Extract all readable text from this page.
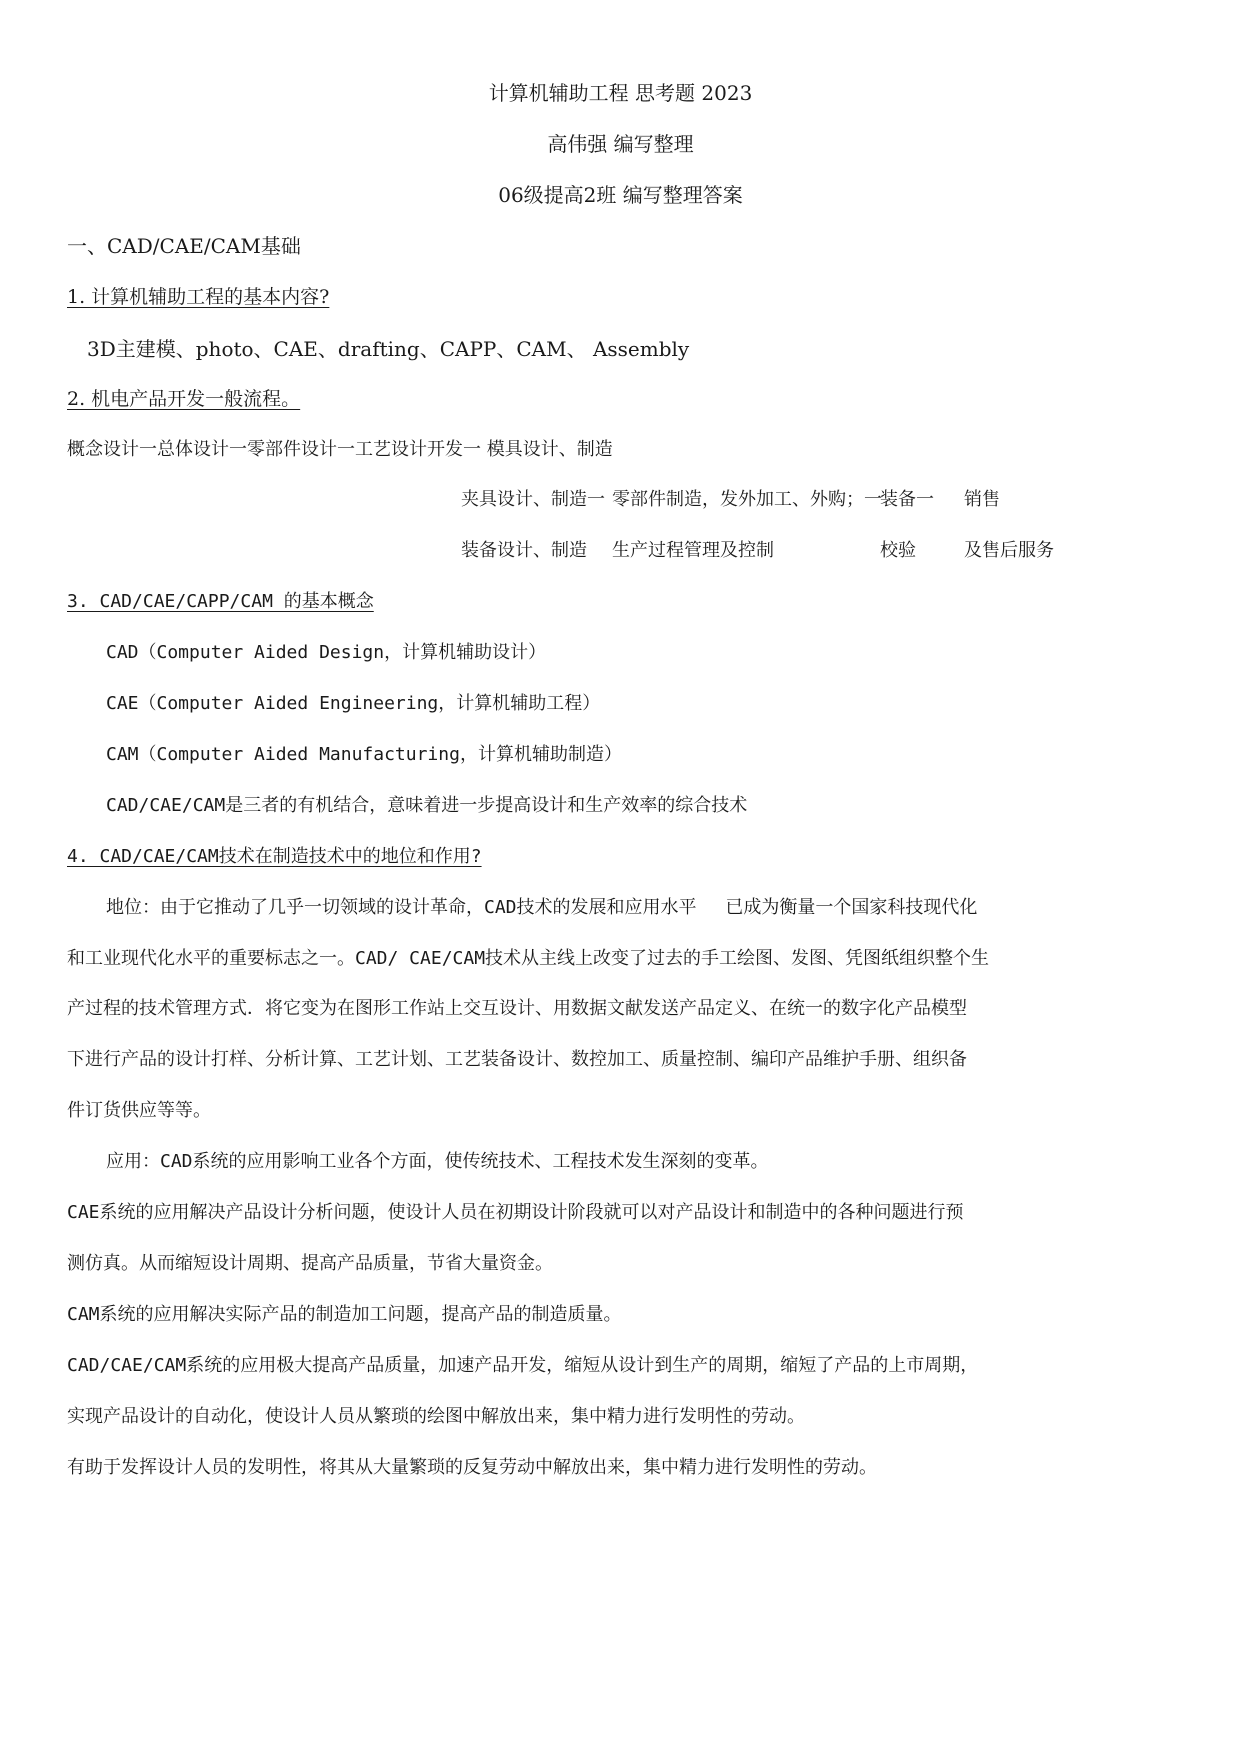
计算机辅助工程 思考题 2023
高伟强 编写整理
06级提高2班 编写整理答案
一、CAD/CAE/CAM基础
1. 计算机辅助工程的基本内容?
3D主建模、photo、CAE、drafting、CAPP、CAM、 Assembly
2. 机电产品开发一般流程。
概念设计一总体设计一零部件设计一工艺设计开发一 模具设计、制造
夹具设计、制造一 零部件制造，发外加工、外购；一
装备一 销售
装备设计、制造 生产过程管理及控制	校验	及售后服务
3. CAD/CAE/CAPP/CAM 的基本概念
CAD（Computer Aided Design，计算机辅助设计）
CAE（Computer Aided Engineering，计算机辅助工程）
CAM（Computer Aided Manufacturing，计算机辅助制造）
CAD/CAE/CAM是三者的有机结合，意味着进一步提高设计和生产效率的综合技术
4. CAD/CAE/CAM技术在制造技术中的地位和作用?
地位：由于它推动了几乎一切领域的设计革命，CAD技术的发展和应用水平　 已成为衡量一个国家科技现代化
和工业现代化水平的重要标志之一。CAD/ CAE/CAM技术从主线上改变了过去的手工绘图、发图、凭图纸组织整个生
产过程的技术管理方式．将它变为在图形工作站上交互设计、用数据文献发送产品定义、在统一的数字化产品模型
下进行产品的设计打样、分析计算、工艺计划、工艺装备设计、数控加工、质量控制、编印产品维护手册、组织备
件订货供应等等。
应用：CAD系统的应用影响工业各个方面，使传统技术、工程技术发生深刻的变革。
CAE系统的应用解决产品设计分析问题，使设计人员在初期设计阶段就可以对产品设计和制造中的各种问题进行预
测仿真。从而缩短设计周期、提高产品质量，节省大量资金。
CAM系统的应用解决实际产品的制造加工问题，提高产品的制造质量。
CAD/CAE/CAM系统的应用极大提高产品质量，加速产品开发，缩短从设计到生产的周期，缩短了产品的上市周期，
实现产品设计的自动化，使设计人员从繁琐的绘图中解放出来，集中精力进行发明性的劳动。
有助于发挥设计人员的发明性，将其从大量繁琐的反复劳动中解放出来，集中精力进行发明性的劳动。
